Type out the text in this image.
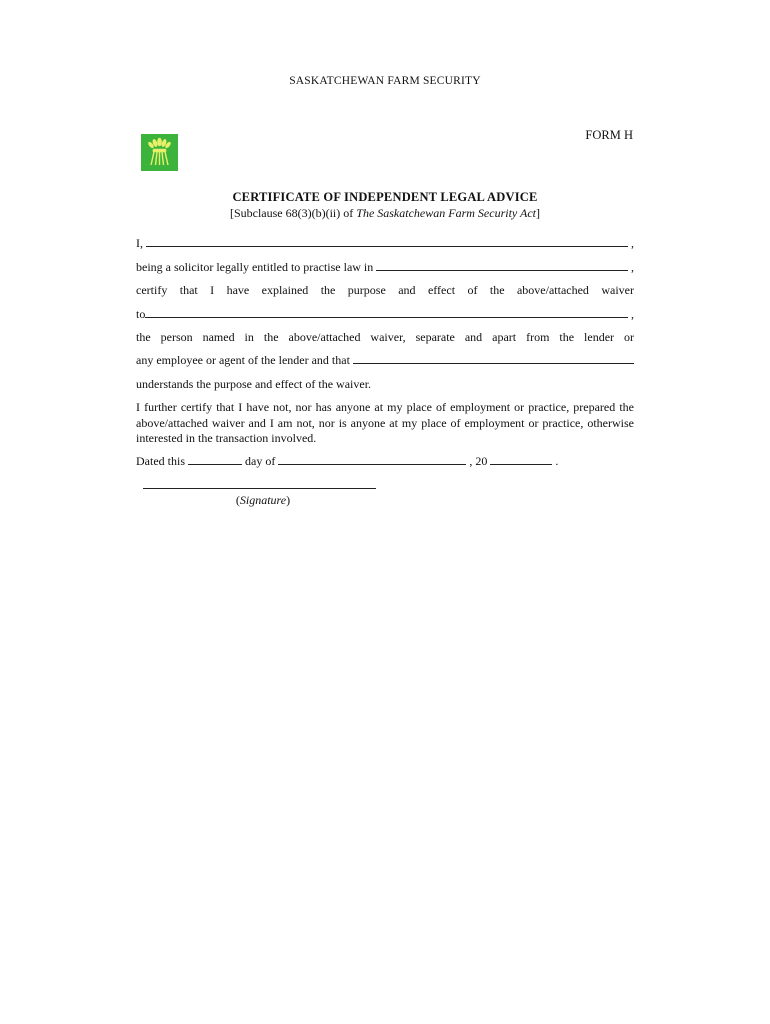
SASKATCHEWAN FARM SECURITY
FORM H
CERTIFICATE OF INDEPENDENT LEGAL ADVICE
[Subclause 68(3)(b)(ii) of The Saskatchewan Farm Security Act]
I,	,
being a solicitor legally entitled to practise law in	,
certify that I have explained the purpose and effect of the above/attached waiver
to	,
the person named in the above/attached waiver, separate and apart from the lender or
any employee or agent of the lender and that
understands the purpose and effect of the waiver.
I further certify that I have not, nor has anyone at my place of employment or practice, prepared the above/attached waiver and I am not, nor is anyone at my place of employment or practice, otherwise interested in the transaction involved.
Dated this	day of	, 20	.
(Signature)
